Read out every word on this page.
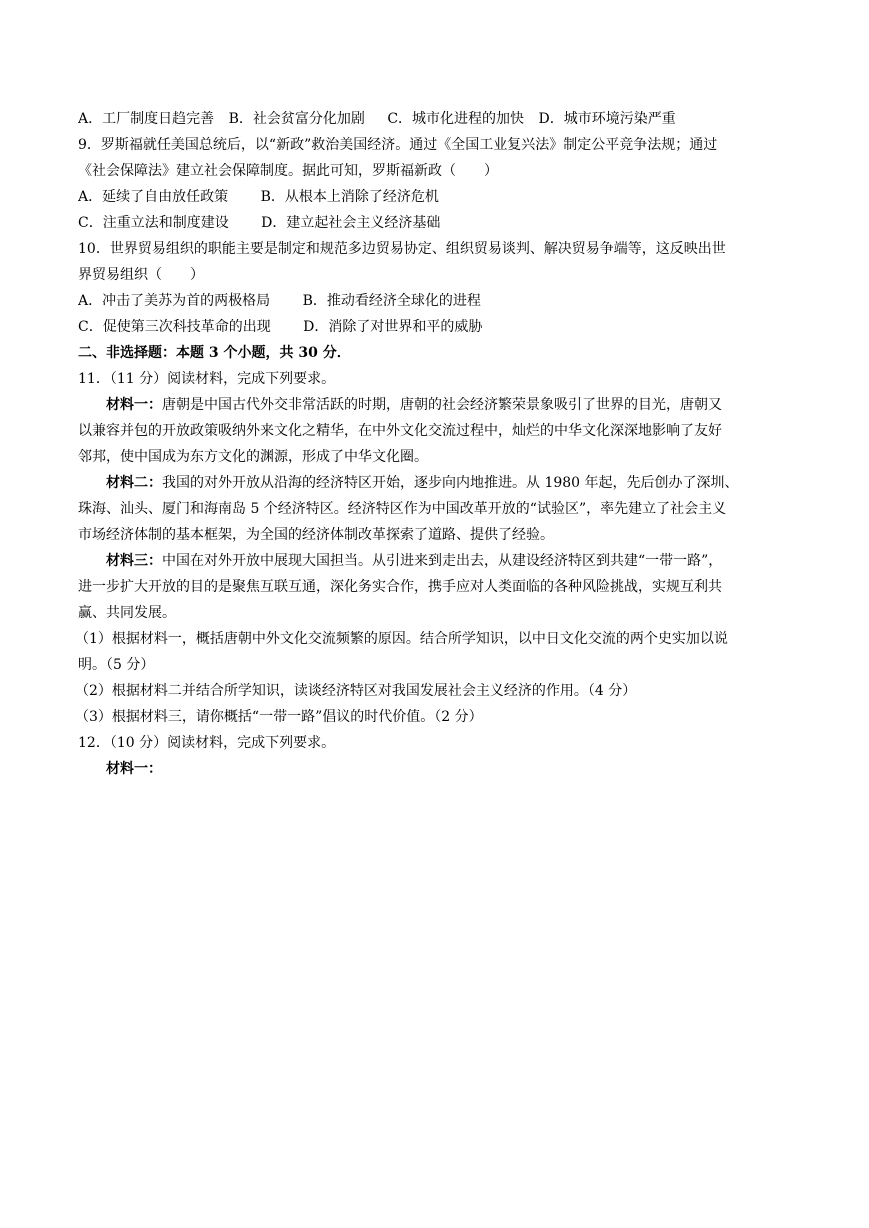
A．工厂制度日趋完善 B．社会贫富分化加剧 C．城市化进程的加快 D．城市环境污染严重
9．罗斯福就任美国总统后，以“新政”救治美国经济。通过《全国工业复兴法》制定公平竞争法规；通过
《社会保障法》建立社会保障制度。据此可知，罗斯福新政（　　）
A．延续了自由放任政策 B．从根本上消除了经济危机
C．注重立法和制度建设 D．建立起社会主义经济基础
10．世界贸易组织的职能主要是制定和规范多边贸易协定、组织贸易谈判、解决贸易争端等，这反映出世
界贸易组织（　　）
A．冲击了美苏为首的两极格局 B．推动看经济全球化的进程
C．促使第三次科技革命的出现 D．消除了对世界和平的威胁
二、非选择题：本题 3 个小题，共 30 分．
11．（11 分）阅读材料，完成下列要求。
材料一：唐朝是中国古代外交非常活跃的时期，唐朝的社会经济繁荣景象吸引了世界的目光，唐朝又
以兼容并包的开放政策吸纳外来文化之精华，在中外文化交流过程中，灿烂的中华文化深深地影响了友好
邻邦，使中国成为东方文化的渊源，形成了中华文化圈。
材料二：我国的对外开放从沿海的经济特区开始，逐步向内地推进。从 1980 年起，先后创办了深圳、
珠海、汕头、厦门和海南岛 5 个经济特区。经济特区作为中国改革开放的“试验区”，率先建立了社会主义
市场经济体制的基本框架，为全国的经济体制改革探索了道路、提供了经验。
材料三：中国在对外开放中展现大国担当。从引进来到走出去，从建设经济特区到共建“一带一路”，
进一步扩大开放的目的是聚焦互联互通，深化务实合作，携手应对人类面临的各种风险挑战，实规互利共
赢、共同发展。
（1）根据材料一，概括唐朝中外文化交流频繁的原因。结合所学知识，以中日文化交流的两个史实加以说
明。（5 分）
（2）根据材料二并结合所学知识，读谈经济特区对我国发展社会主义经济的作用。（4 分）
（3）根据材料三，请你概括“一带一路”倡议的时代价值。（2 分）
12．（10 分）阅读材料，完成下列要求。
材料一：
